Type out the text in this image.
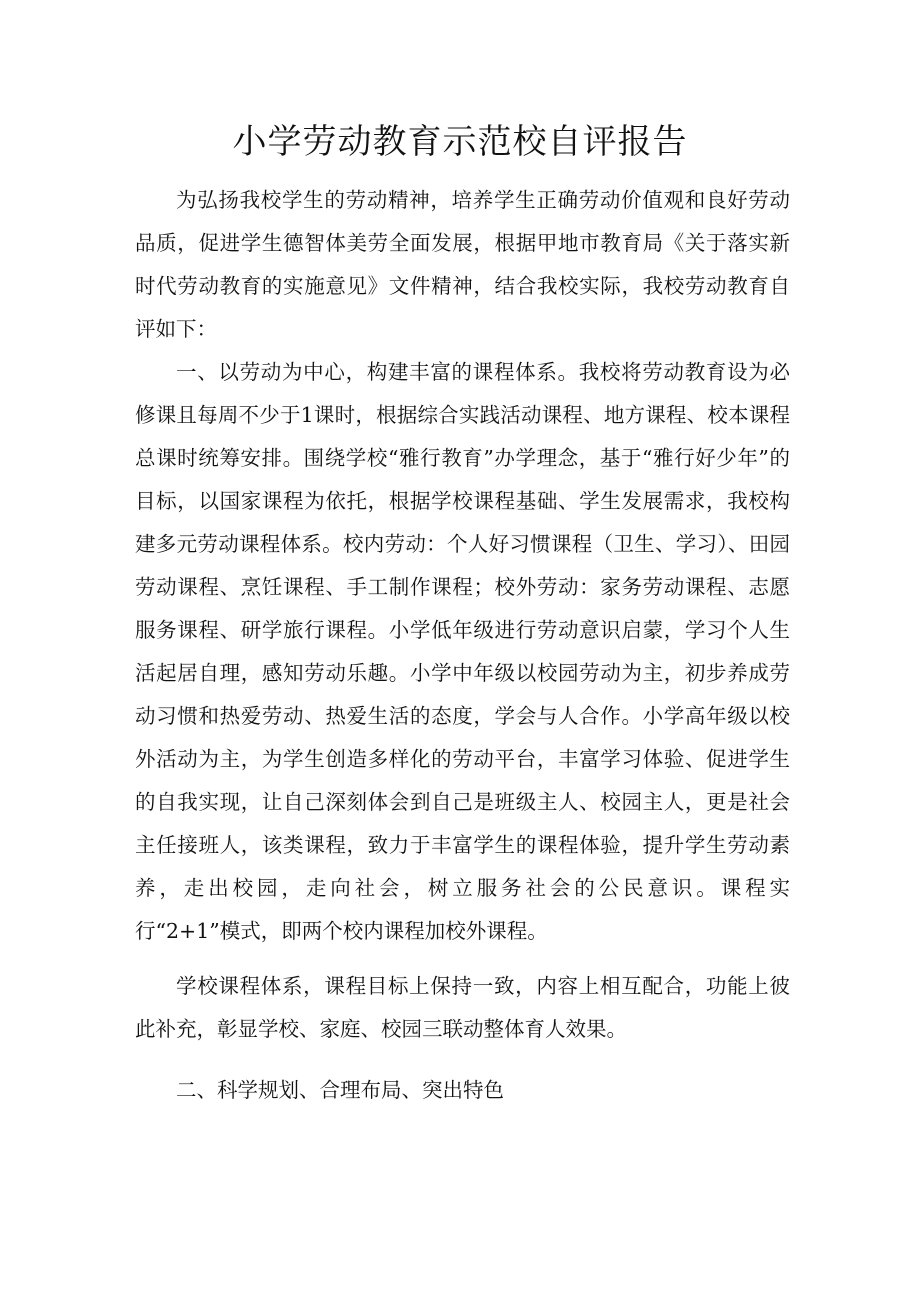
小学劳动教育示范校自评报告

为弘扬我校学生的劳动精神，培养学生正确劳动价值观和良好劳动品质，促进学生德智体美劳全面发展，根据甲地市教育局《关于落实新时代劳动教育的实施意见》文件精神，结合我校实际，我校劳动教育自评如下：

一、以劳动为中心，构建丰富的课程体系。我校将劳动教育设为必修课且每周不少于1课时，根据综合实践活动课程、地方课程、校本课程总课时统筹安排。围绕学校“雅行教育”办学理念，基于“雅行好少年”的目标，以国家课程为依托，根据学校课程基础、学生发展需求，我校构建多元劳动课程体系。校内劳动：个人好习惯课程（卫生、学习）、田园劳动课程、烹饪课程、手工制作课程；校外劳动：家务劳动课程、志愿服务课程、研学旅行课程。小学低年级进行劳动意识启蒙，学习个人生活起居自理，感知劳动乐趣。小学中年级以校园劳动为主，初步养成劳动习惯和热爱劳动、热爱生活的态度，学会与人合作。小学高年级以校外活动为主，为学生创造多样化的劳动平台，丰富学习体验、促进学生的自我实现，让自己深刻体会到自己是班级主人、校园主人，更是社会主任接班人，该类课程，致力于丰富学生的课程体验，提升学生劳动素养，走出校园，走向社会，树立服务社会的公民意识。课程实行“2+1”模式，即两个校内课程加校外课程。

学校课程体系，课程目标上保持一致，内容上相互配合，功能上彼此补充，彰显学校、家庭、校园三联动整体育人效果。

二、科学规划、合理布局、突出特色
